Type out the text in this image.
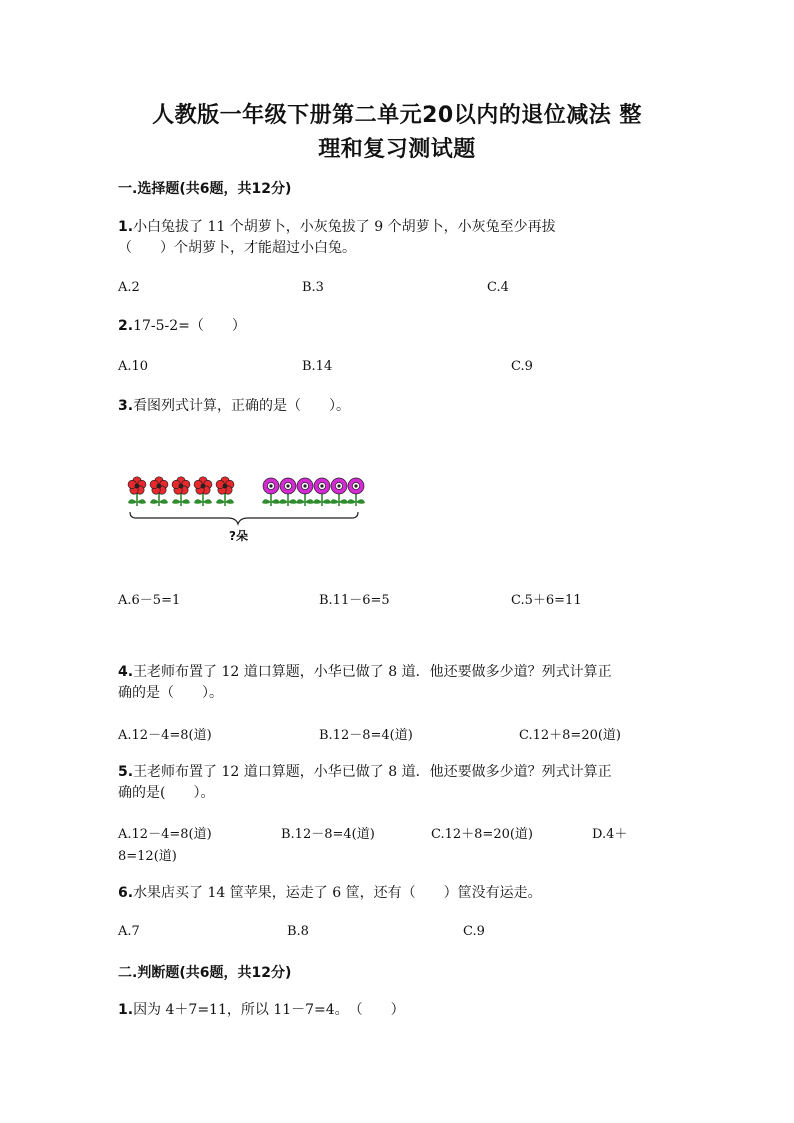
人教版一年级下册第二单元20以内的退位减法 整
理和复习测试题
一.选择题(共6题，共12分)
1.小白兔拔了 11 个胡萝卜，小灰兔拔了 9 个胡萝卜，小灰兔至少再拔
（　　）个胡萝卜，才能超过小白兔。
A.2	B.3	C.4
2.17-5-2=（　　）
A.10	B.14	C.9
3.看图列式计算，正确的是（　　）。
?朵
A.6－5=1	B.11－6=5	C.5＋6=11
4.王老师布置了 12 道口算题，小华已做了 8 道．他还要做多少道？列式计算正
确的是（　　）。
A.12－4=8(道)	B.12－8=4(道)	C.12＋8=20(道)
5.王老师布置了 12 道口算题，小华已做了 8 道．他还要做多少道？列式计算正
确的是(　　）。
A.12－4=8(道)	B.12－8=4(道)	C.12＋8=20(道)	D.4＋
8=12(道)
6.水果店买了 14 筐苹果，运走了 6 筐，还有（　　）筐没有运走。
A.7	B.8	C.9
二.判断题(共6题，共12分)
1.因为 4＋7=11，所以 11－7=4。　（　　）
